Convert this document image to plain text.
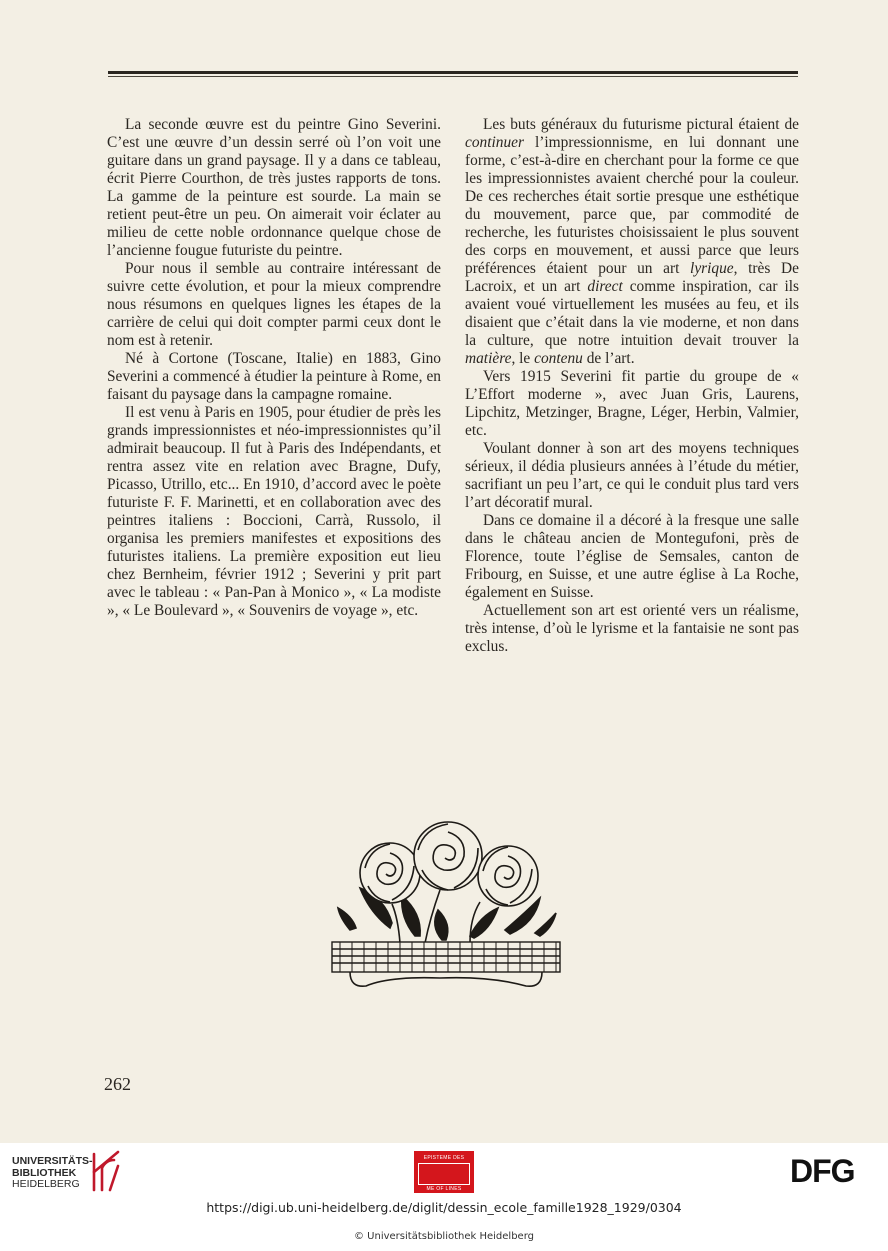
La seconde œuvre est du peintre Gino Severini. C’est une œuvre d’un dessin serré où l’on voit une guitare dans un grand paysage. Il y a dans ce tableau, écrit Pierre Courthon, de très justes rapports de tons. La gamme de la peinture est sourde. La main se retient peut-être un peu. On aimerait voir éclater au milieu de cette noble ordonnance quelque chose de l’ancienne fougue futuriste du peintre.

Pour nous il semble au contraire intéressant de suivre cette évolution, et pour la mieux comprendre nous résumons en quelques lignes les étapes de la carrière de celui qui doit compter parmi ceux dont le nom est à retenir.

Né à Cortone (Toscane, Italie) en 1883, Gino Severini a commencé à étudier la peinture à Rome, en faisant du paysage dans la campagne romaine.

Il est venu à Paris en 1905, pour étudier de près les grands impressionnistes et néo-impressionnistes qu’il admirait beaucoup. Il fut à Paris des Indépendants, et rentra assez vite en relation avec Bragne, Dufy, Picasso, Utrillo, etc... En 1910, d’accord avec le poète futuriste F. F. Marinetti, et en collaboration avec des peintres italiens : Boccioni, Carrà, Russolo, il organisa les premiers manifestes et expositions des futuristes italiens. La première exposition eut lieu chez Bernheim, février 1912 ; Severini y prit part avec le tableau : « Pan-Pan à Monico », « La modiste », « Le Boulevard », « Souvenirs de voyage », etc.

Les buts généraux du futurisme pictural étaient de continuer l’impressionnisme, en lui donnant une forme, c’est-à-dire en cherchant pour la forme ce que les impressionnistes avaient cherché pour la couleur. De ces recherches était sortie presque une esthétique du mouvement, parce que, par commodité de recherche, les futuristes choisissaient le plus souvent des corps en mouvement, et aussi parce que leurs préférences étaient pour un art lyrique, très De Lacroix, et un art direct comme inspiration, car ils avaient voué virtuellement les musées au feu, et ils disaient que c’était dans la vie moderne, et non dans la culture, que notre intuition devait trouver la matière, le contenu de l’art.

Vers 1915 Severini fit partie du groupe de « L’Effort moderne », avec Juan Gris, Laurens, Lipchitz, Metzinger, Bragne, Léger, Herbin, Valmier, etc.

Voulant donner à son art des moyens techniques sérieux, il dédia plusieurs années à l’étude du métier, sacrifiant un peu l’art, ce qui le conduit plus tard vers l’art décoratif mural.

Dans ce domaine il a décoré à la fresque une salle dans le château ancien de Montegufoni, près de Florence, toute l’église de Semsales, canton de Fribourg, en Suisse, et une autre église à La Roche, également en Suisse.

Actuellement son art est orienté vers un réalisme, très intense, d’où le lyrisme et la fantaisie ne sont pas exclus.

262
UNIVERSITÄTS-
BIBLIOTHEK
HEIDELBERG
EPISTEME DES
ME OF LINES	DFG
https://digi.ub.uni-heidelberg.de/diglit/dessin_ecole_famille1928_1929/0304
© Universitätsbibliothek Heidelberg
